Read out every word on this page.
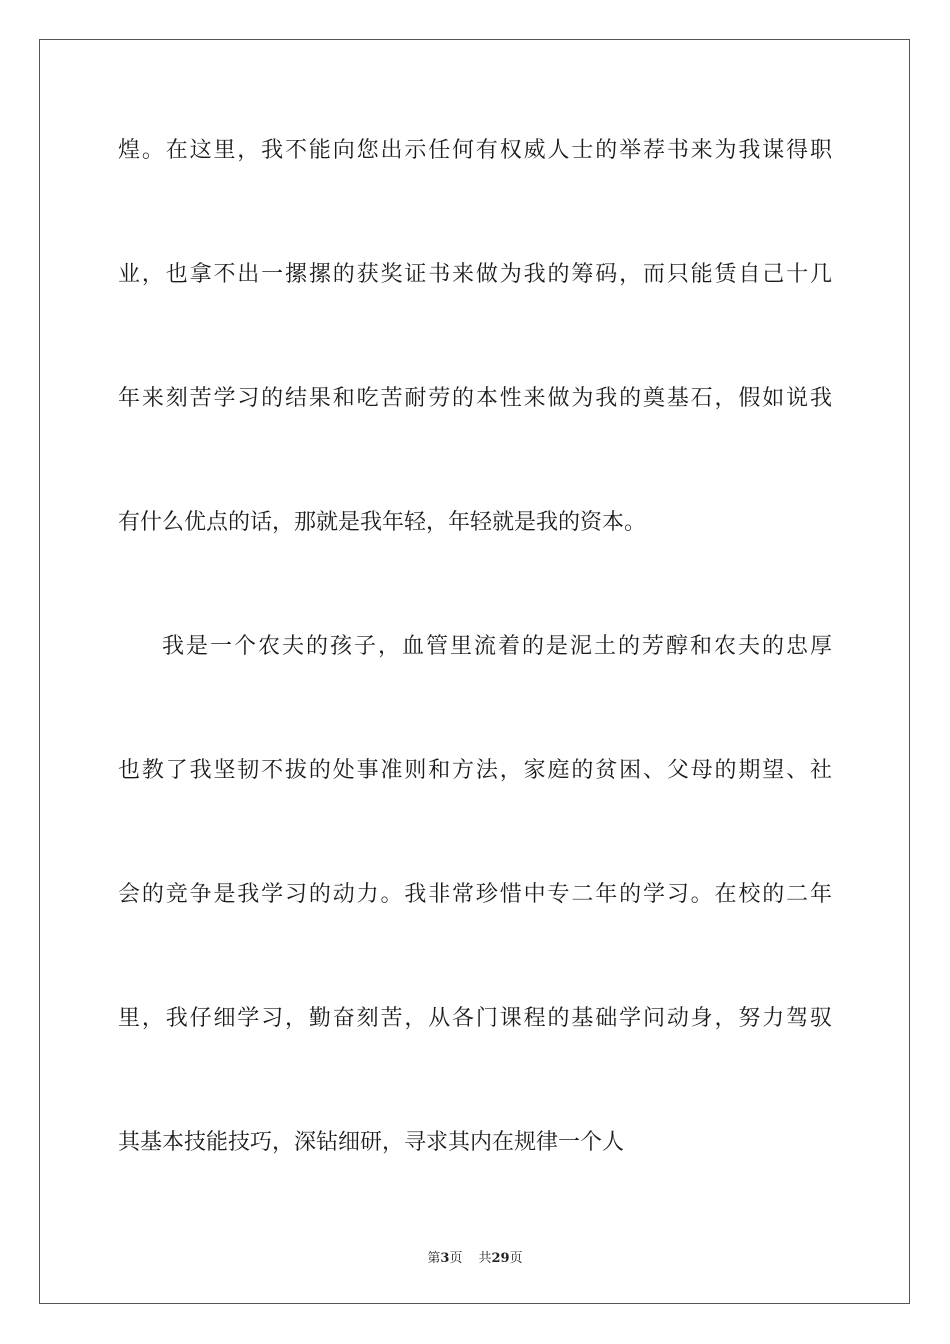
煌。在这里，我不能向您出示任何有权威人士的举荐书来为我谋得职

业，也拿不出一摞摞的获奖证书来做为我的筹码，而只能赁自己十几

年来刻苦学习的结果和吃苦耐劳的本性来做为我的奠基石，假如说我

有什么优点的话，那就是我年轻，年轻就是我的资本。

我是一个农夫的孩子，血管里流着的是泥土的芳醇和农夫的忠厚

也教了我坚韧不拔的处事准则和方法，家庭的贫困、父母的期望、社

会的竞争是我学习的动力。我非常珍惜中专二年的学习。在校的二年

里，我仔细学习，勤奋刻苦，从各门课程的基础学问动身，努力驾驭

其基本技能技巧，深钻细研，寻求其内在规律一个人

第3页 共29页
